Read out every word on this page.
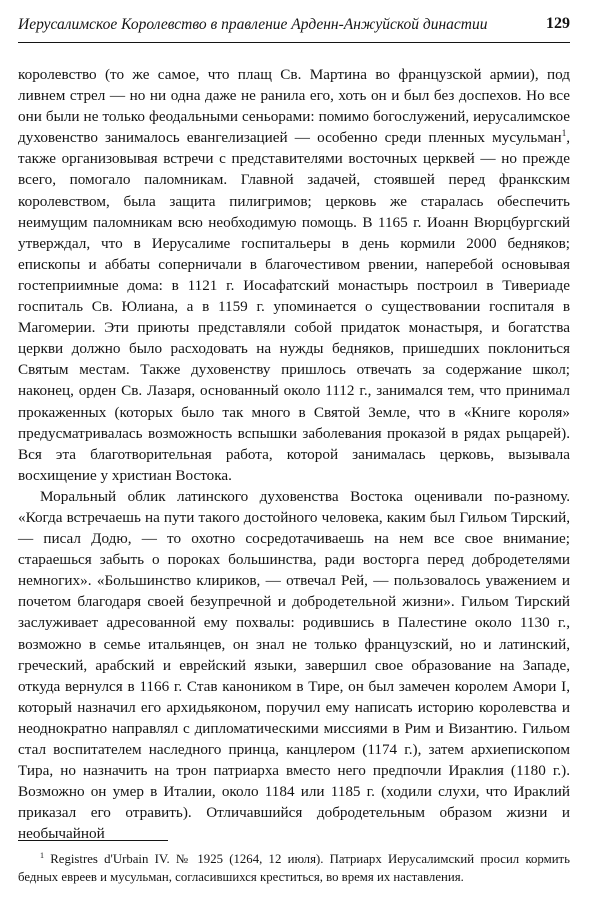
Иерусалимское Королевство в правление Арденн-Анжуйской династии	129

королевство (то же самое, что плащ Св. Мартина во французской армии), под ливнем стрел — но ни одна даже не ранила его, хоть он и был без доспехов. Но все они были не только феодальными сеньорами: помимо богослужений, иерусалимское духовенство занималось евангелизацией — особенно среди пленных мусульман$^1$, также организовывая встречи с представителями восточных церквей — но прежде всего, помогало паломникам. Главной задачей, стоявшей перед франкским королевством, была защита пилигримов; церковь же старалась обеспечить неимущим паломникам всю необходимую помощь. В 1165 г. Иоанн Вюрцбургский утверждал, что в Иерусалиме госпитальеры в день кормили 2000 бедняков; епископы и аббаты соперничали в благочестивом рвении, наперебой основывая гостеприимные дома: в 1121 г. Иосафатский монастырь построил в Тивериаде госпиталь Св. Юлиана, а в 1159 г. упоминается о существовании госпиталя в Магомерии. Эти приюты представляли собой придаток монастыря, и богатства церкви должно было расходовать на нужды бедняков, пришедших поклониться Святым местам. Также духовенству пришлось отвечать за содержание школ; наконец, орден Св. Лазаря, основанный около 1112 г., занимался тем, что принимал прокаженных (которых было так много в Святой Земле, что в «Книге короля» предусматривалась возможность вспышки заболевания проказой в рядах рыцарей). Вся эта благотворительная работа, которой занималась церковь, вызывала восхищение у христиан Востока.

Моральный облик латинского духовенства Востока оценивали по-разному. «Когда встречаешь на пути такого достойного человека, каким был Гильом Тирский, — писал Додю, — то охотно сосредотачиваешь на нем все свое внимание; стараешься забыть о пороках большинства, ради восторга перед добродетелями немногих». «Большинство клириков, — отвечал Рей, — пользовалось уважением и почетом благодаря своей безупречной и добродетельной жизни». Гильом Тирский заслуживает адресованной ему похвалы: родившись в Палестине около 1130 г., возможно в семье итальянцев, он знал не только французский, но и латинский, греческий, арабский и еврейский языки, завершил свое образование на Западе, откуда вернулся в 1166 г. Став каноником в Тире, он был замечен королем Амори I, который назначил его архидьяконом, поручил ему написать историю королевства и неоднократно направлял с дипломатическими миссиями в Рим и Византию. Гильом стал воспитателем наследного принца, канцлером (1174 г.), затем архиепископом Тира, но назначить на трон патриарха вместо него предпочли Ираклия (1180 г.). Возможно он умер в Италии, около 1184 или 1185 г. (ходили слухи, что Ираклий приказал его отравить). Отличавшийся добродетельным образом жизни и необычайной

$^1$ Registres d'Urbain IV. № 1925 (1264, 12 июля). Патриарх Иерусалимский просил кормить бедных евреев и мусульман, согласившихся креститься, во время их наставления.
